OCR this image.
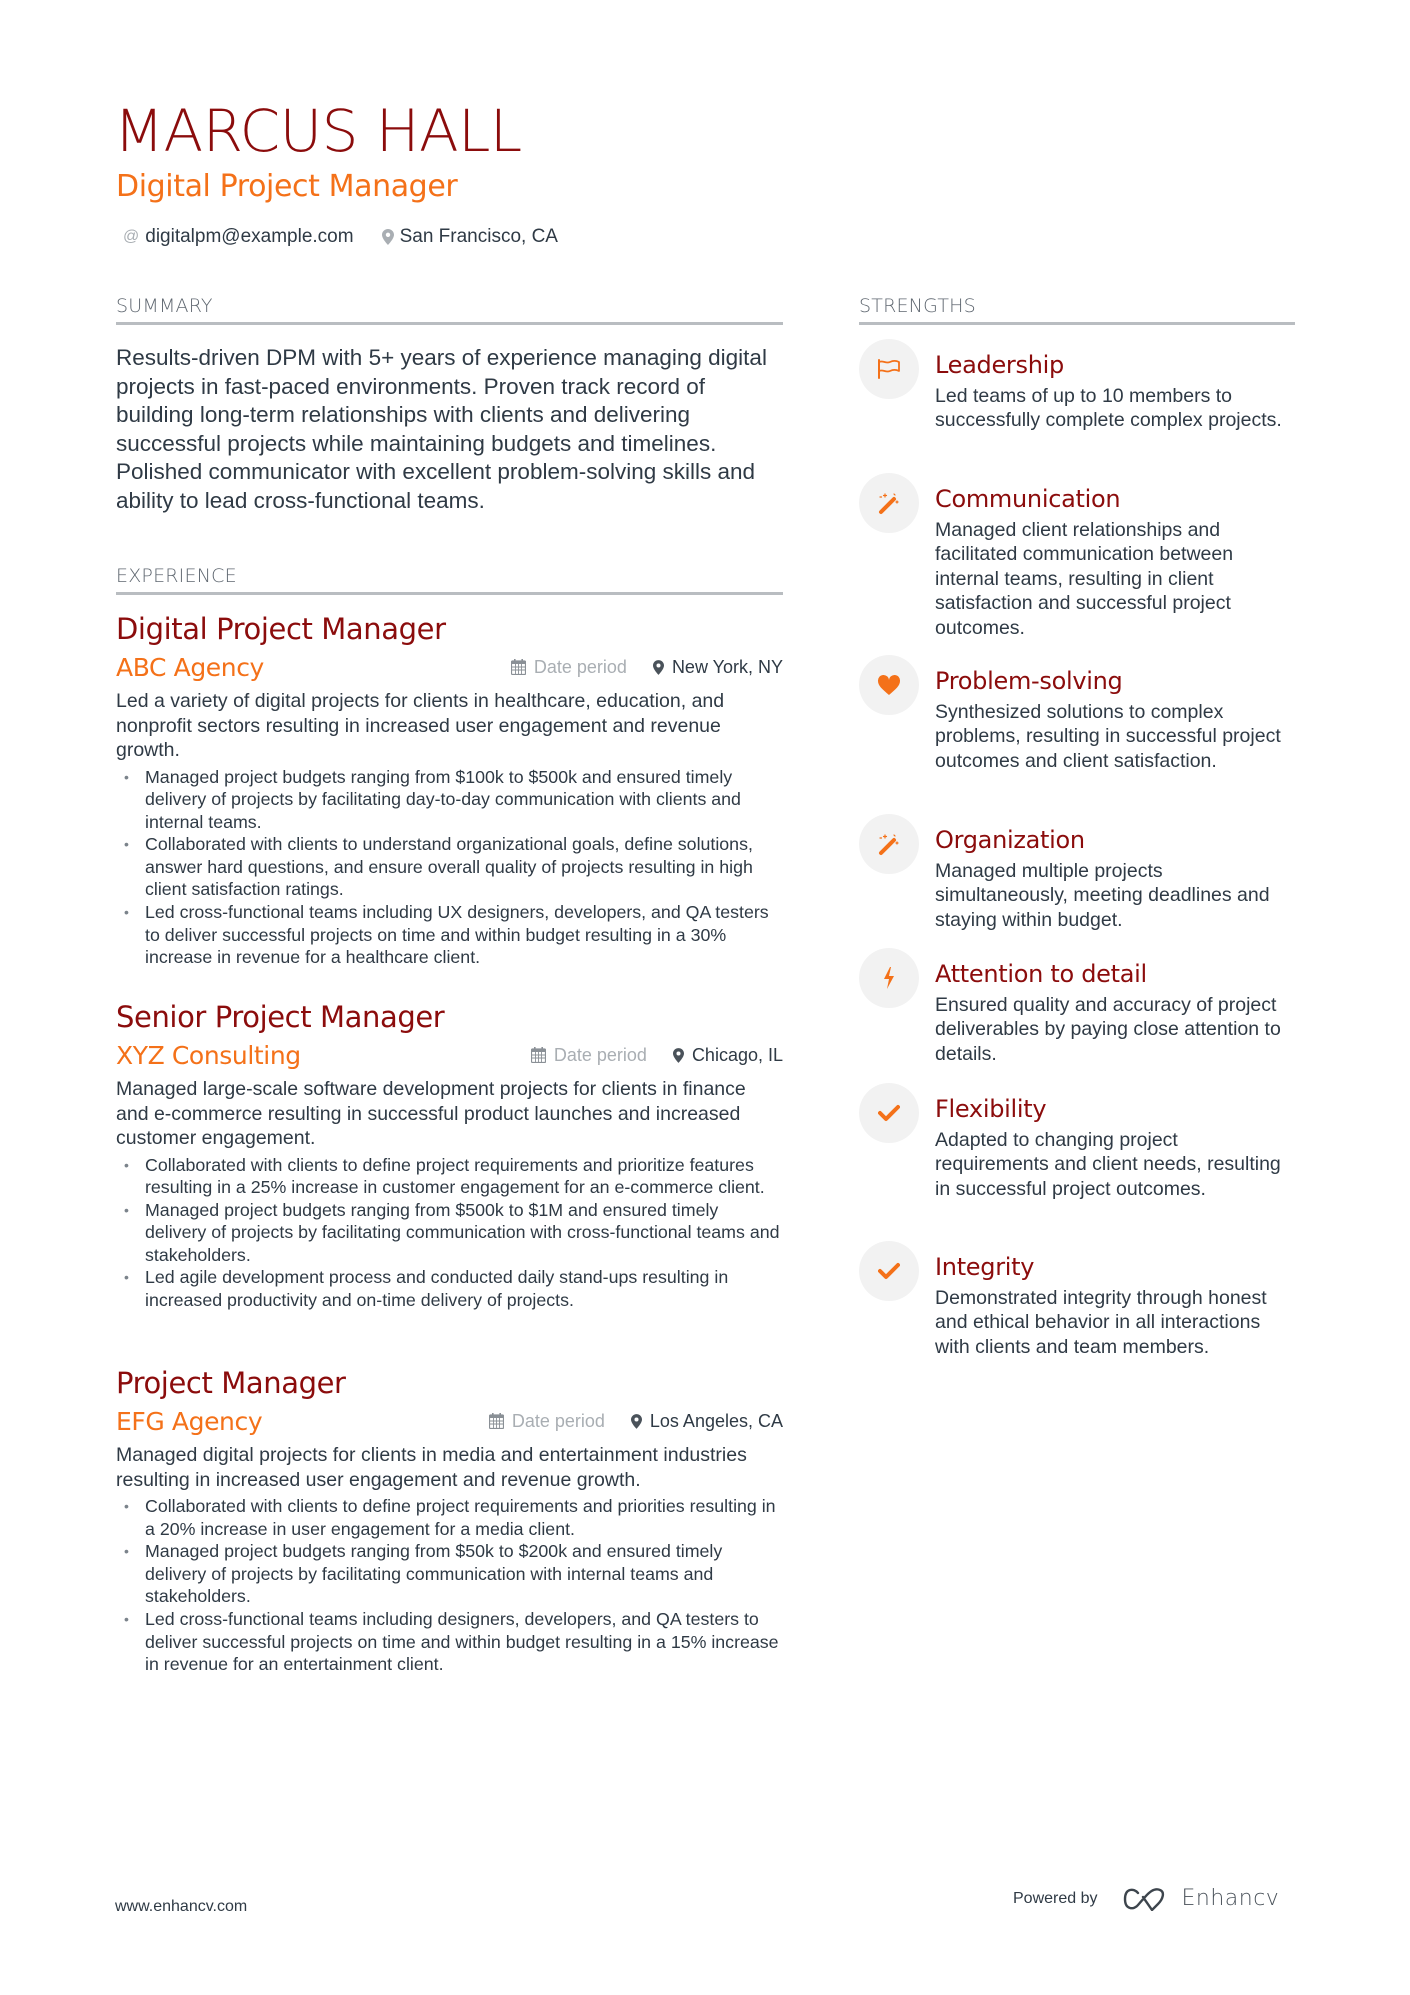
MARCUS HALL
Digital Project Manager
@ digitalpm@example.com San Francisco, CA
SUMMARY

Results-driven DPM with 5+ years of experience managing digital projects in fast-paced environments. Proven track record of building long-term relationships with clients and delivering successful projects while maintaining budgets and timelines. Polished communicator with excellent problem-solving skills and ability to lead cross-functional teams.

EXPERIENCE
Digital Project Manager
ABC Agency	Date period	New York, NY

Led a variety of digital projects for clients in healthcare, education, and nonprofit sectors resulting in increased user engagement and revenue growth.

• Managed project budgets ranging from $100k to $500k and ensured timely delivery of projects by facilitating day-to-day communication with clients and internal teams.
• Collaborated with clients to understand organizational goals, define solutions, answer hard questions, and ensure overall quality of projects resulting in high client satisfaction ratings.
• Led cross-functional teams including UX designers, developers, and QA testers to deliver successful projects on time and within budget resulting in a 30% increase in revenue for a healthcare client.
Senior Project Manager
XYZ Consulting	Date period	Chicago, IL

Managed large-scale software development projects for clients in finance and e-commerce resulting in successful product launches and increased customer engagement.

• Collaborated with clients to define project requirements and prioritize features resulting in a 25% increase in customer engagement for an e-commerce client.
• Managed project budgets ranging from $500k to $1M and ensured timely delivery of projects by facilitating communication with cross-functional teams and stakeholders.
• Led agile development process and conducted daily stand-ups resulting in increased productivity and on-time delivery of projects.
Project Manager
EFG Agency	Date period	Los Angeles, CA

Managed digital projects for clients in media and entertainment industries resulting in increased user engagement and revenue growth.

• Collaborated with clients to define project requirements and priorities resulting in a 20% increase in user engagement for a media client.
• Managed project budgets ranging from $50k to $200k and ensured timely delivery of projects by facilitating communication with internal teams and stakeholders.
• Led cross-functional teams including designers, developers, and QA testers to deliver successful projects on time and within budget resulting in a 15% increase in revenue for an entertainment client.
STRENGTHS
Leadership
Led teams of up to 10 members to successfully complete complex projects.
Communication
Managed client relationships and facilitated communication between internal teams, resulting in client satisfaction and successful project outcomes.
Problem-solving
Synthesized solutions to complex problems, resulting in successful project outcomes and client satisfaction.
Organization
Managed multiple projects simultaneously, meeting deadlines and staying within budget.
Attention to detail
Ensured quality and accuracy of project deliverables by paying close attention to details.
Flexibility
Adapted to changing project requirements and client needs, resulting in successful project outcomes.
Integrity
Demonstrated integrity through honest and ethical behavior in all interactions with clients and team members.
www.enhancv.com	Powered by	Enhancv
